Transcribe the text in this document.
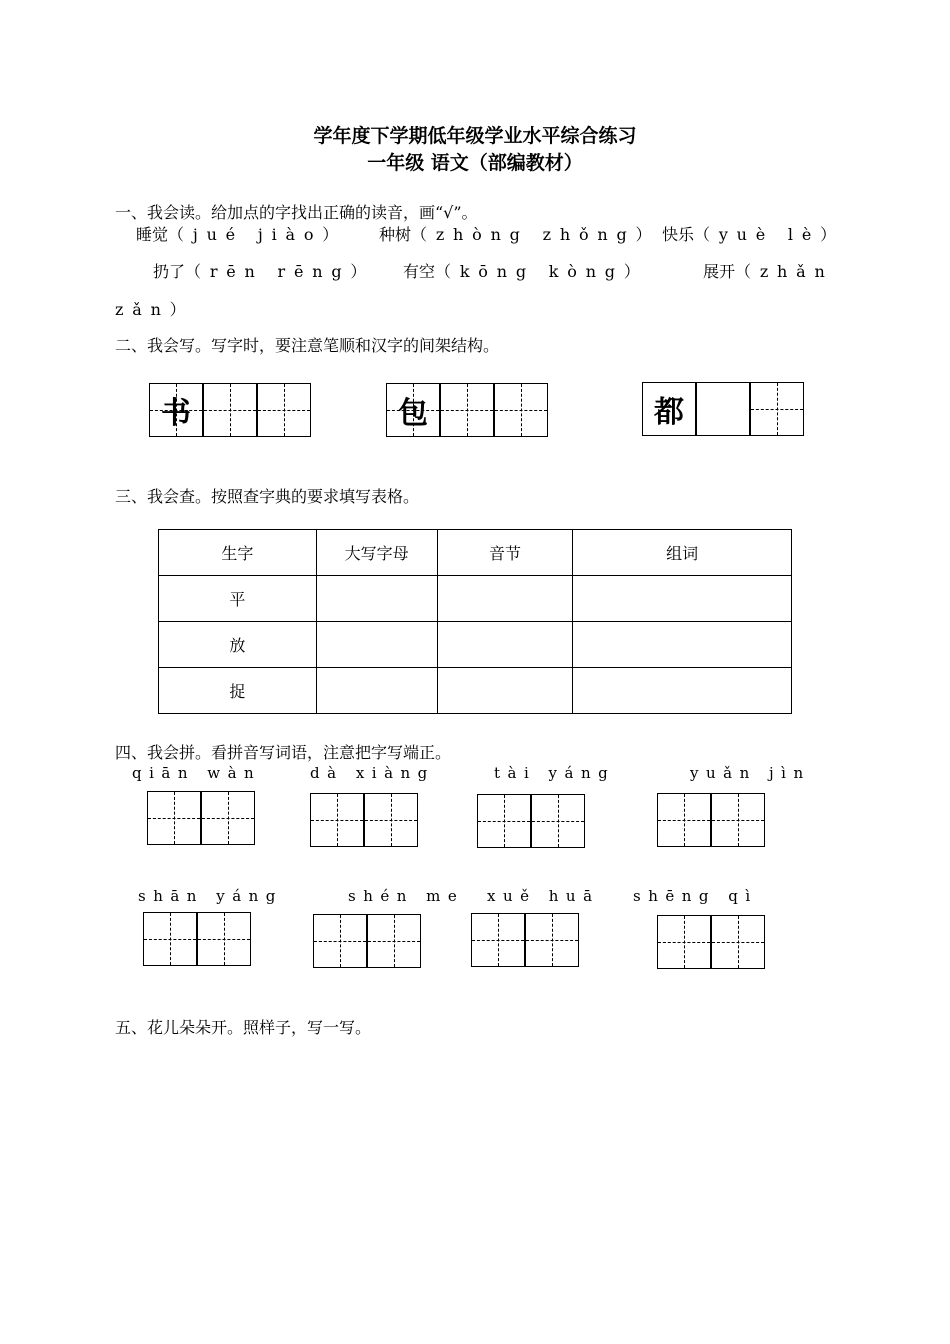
学年度下学期低年级学业水平综合练习
一年级 语文（部编教材）
一、我会读。给加点的字找出正确的读音，画“√”。
睡觉（jué jiào） 种树（zhòng zhǒng） 快乐（yuè lè）
扔了（rēn rēng） 有空（kōng kòng）	展开（zhǎn
zǎn）
二、我会写。写字时，要注意笔顺和汉字的间架结构。
书	包	都
三、我会查。按照查字典的要求填写表格。
生字	大写字母	音节	组词
平			
放			
捉			
四、我会拼。看拼音写词语，注意把字写端正。
qiān wàn	dà xiàng	tài yáng	yuǎn jìn
shān yáng	shén me xuě huā shēng qì
五、花儿朵朵开。照样子，写一写。
